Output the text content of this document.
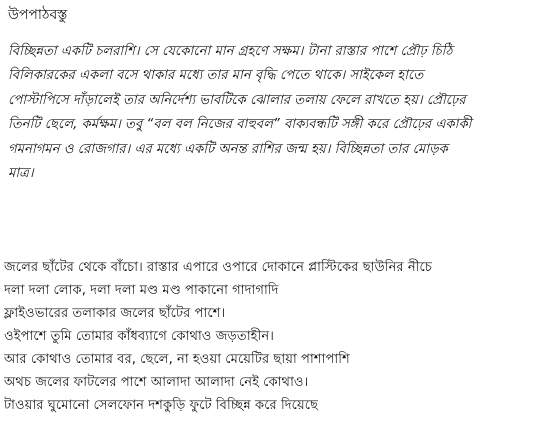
উপপাঠবস্তু
বিচ্ছিন্নতা একটি চলরাশি। সে যেকোনো মান গ্রহণে সক্ষম। টানা রাস্তার পাশে প্রৌঢ় চিঠি
বিলিকারকের একলা বসে থাকার মধ্যে তার মান বৃদ্ধি পেতে থাকে। সাইকেল হাতে
পোস্টাপিসে দাঁড়ালেই তার অনির্দেশ্য ভাবটিকে ঝোলার তলায় ফেলে রাখতে হয়। প্রৌঢ়ের
তিনটি ছেলে, কর্মক্ষম। তবু “বল বল নিজের বাহুবল” বাক্যবন্ধটি সঙ্গী করে প্রৌঢ়ের একাকী
গমনাগমন ও রোজগার। এর মধ্যে একটি অনন্ত রাশির জন্ম হয়। বিচ্ছিন্নতা তার মোড়ক
মাত্র।
জলের ছাঁটের থেকে বাঁচো। রাস্তার এপারে ওপারে দোকানে প্লাস্টিকের ছাউনির নীচে
দলা দলা লোক, দলা দলা মণ্ড মণ্ড পাকানো গাদাগাদি
ফ্লাইওভারের তলাকার জলের ছাঁটের পাশে।
ওইপাশে তুমি তোমার কাঁধব্যাগে কোথাও জড়তাহীন।
আর কোথাও তোমার বর, ছেলে, না হওয়া মেয়েটির ছায়া পাশাপাশি
অথচ জলের ফাটলের পাশে আলাদা আলাদা নেই কোথাও।
টাওয়ার ঘুমোনো সেলফোন দশকুড়ি ফুটে বিচ্ছিন্ন করে দিয়েছে
